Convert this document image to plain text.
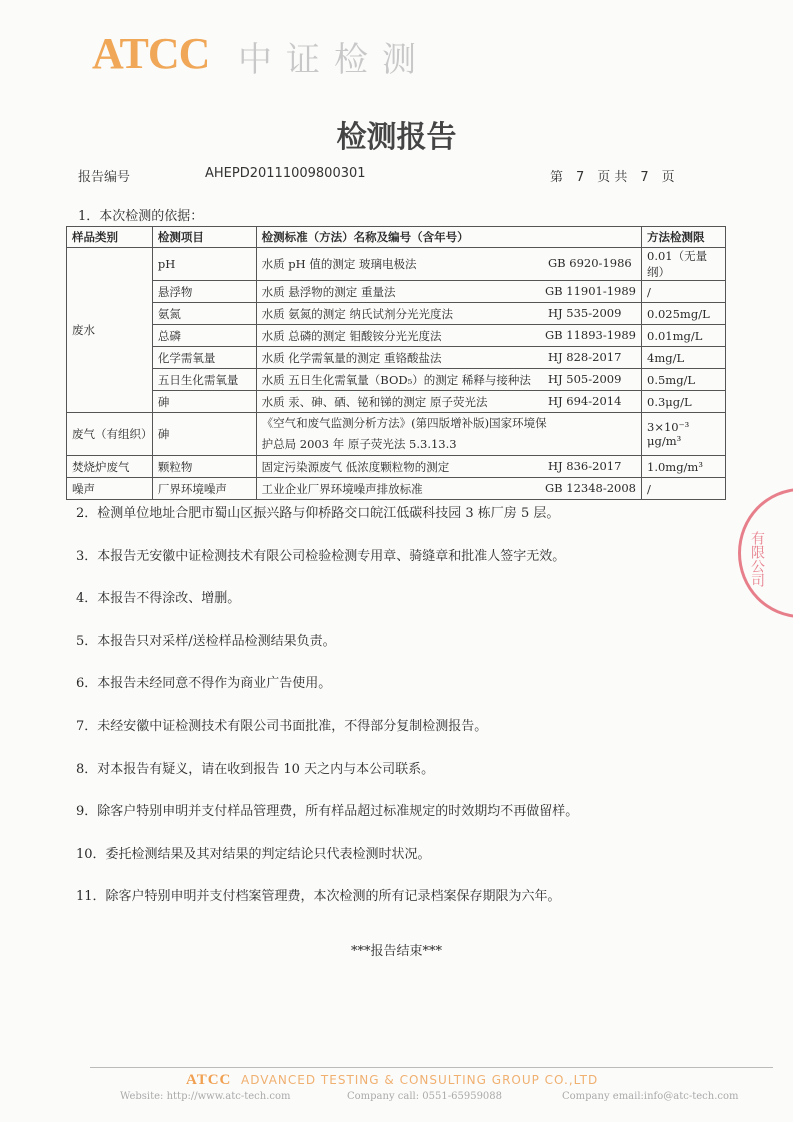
ATCC 中证检测
检测报告
报告编号	AHEPD20111009800301	第　7　页 共　7　页
1．本次检测的依据：
样品类别	检测项目	检测标准（方法）名称及编号（含年号）	方法检测限
废水	pH	水质 pH 值的测定 玻璃电极法 GB 6920-1986	0.01（无量纲）
	悬浮物	水质 悬浮物的测定 重量法 GB 11901-1989	/
	氨氮	水质 氨氮的测定 纳氏试剂分光光度法 HJ 535-2009	0.025mg/L
	总磷	水质 总磷的测定 钼酸铵分光光度法 GB 11893-1989	0.01mg/L
	化学需氧量	水质 化学需氧量的测定 重铬酸盐法 HJ 828-2017	4mg/L
	五日生化需氧量	水质 五日生化需氧量（BOD₅）的测定 稀释与接种法 HJ 505-2009	0.5mg/L
	砷	水质 汞、砷、硒、铋和锑的测定 原子荧光法 HJ 694-2014	0.3μg/L
废气（有组织）	砷	《空气和废气监测分析方法》(第四版增补版)国家环境保护总局 2003 年 原子荧光法 5.3.13.3	3×10⁻³ μg/m³
焚烧炉废气	颗粒物	固定污染源废气 低浓度颗粒物的测定 HJ 836-2017	1.0mg/m³
噪声	厂界环境噪声	工业企业厂界环境噪声排放标准 GB 12348-2008	/
2．检测单位地址合肥市蜀山区振兴路与仰桥路交口皖江低碳科技园 3 栋厂房 5 层。
3．本报告无安徽中证检测技术有限公司检验检测专用章、骑缝章和批准人签字无效。
4．本报告不得涂改、增删。
5．本报告只对采样/送检样品检测结果负责。
6．本报告未经同意不得作为商业广告使用。
7．未经安徽中证检测技术有限公司书面批准，不得部分复制检测报告。
8．对本报告有疑义，请在收到报告 10 天之内与本公司联系。
9．除客户特别申明并支付样品管理费，所有样品超过标准规定的时效期均不再做留样。
10．委托检测结果及其对结果的判定结论只代表检测时状况。
11．除客户特别申明并支付档案管理费，本次检测的所有记录档案保存期限为六年。
***报告结束***
有限公司
ATCC ADVANCED TESTING & CONSULTING GROUP CO.,LTD
Website: http://www.atc-tech.com	Company call: 0551-65959088	Company email:info@atc-tech.com
